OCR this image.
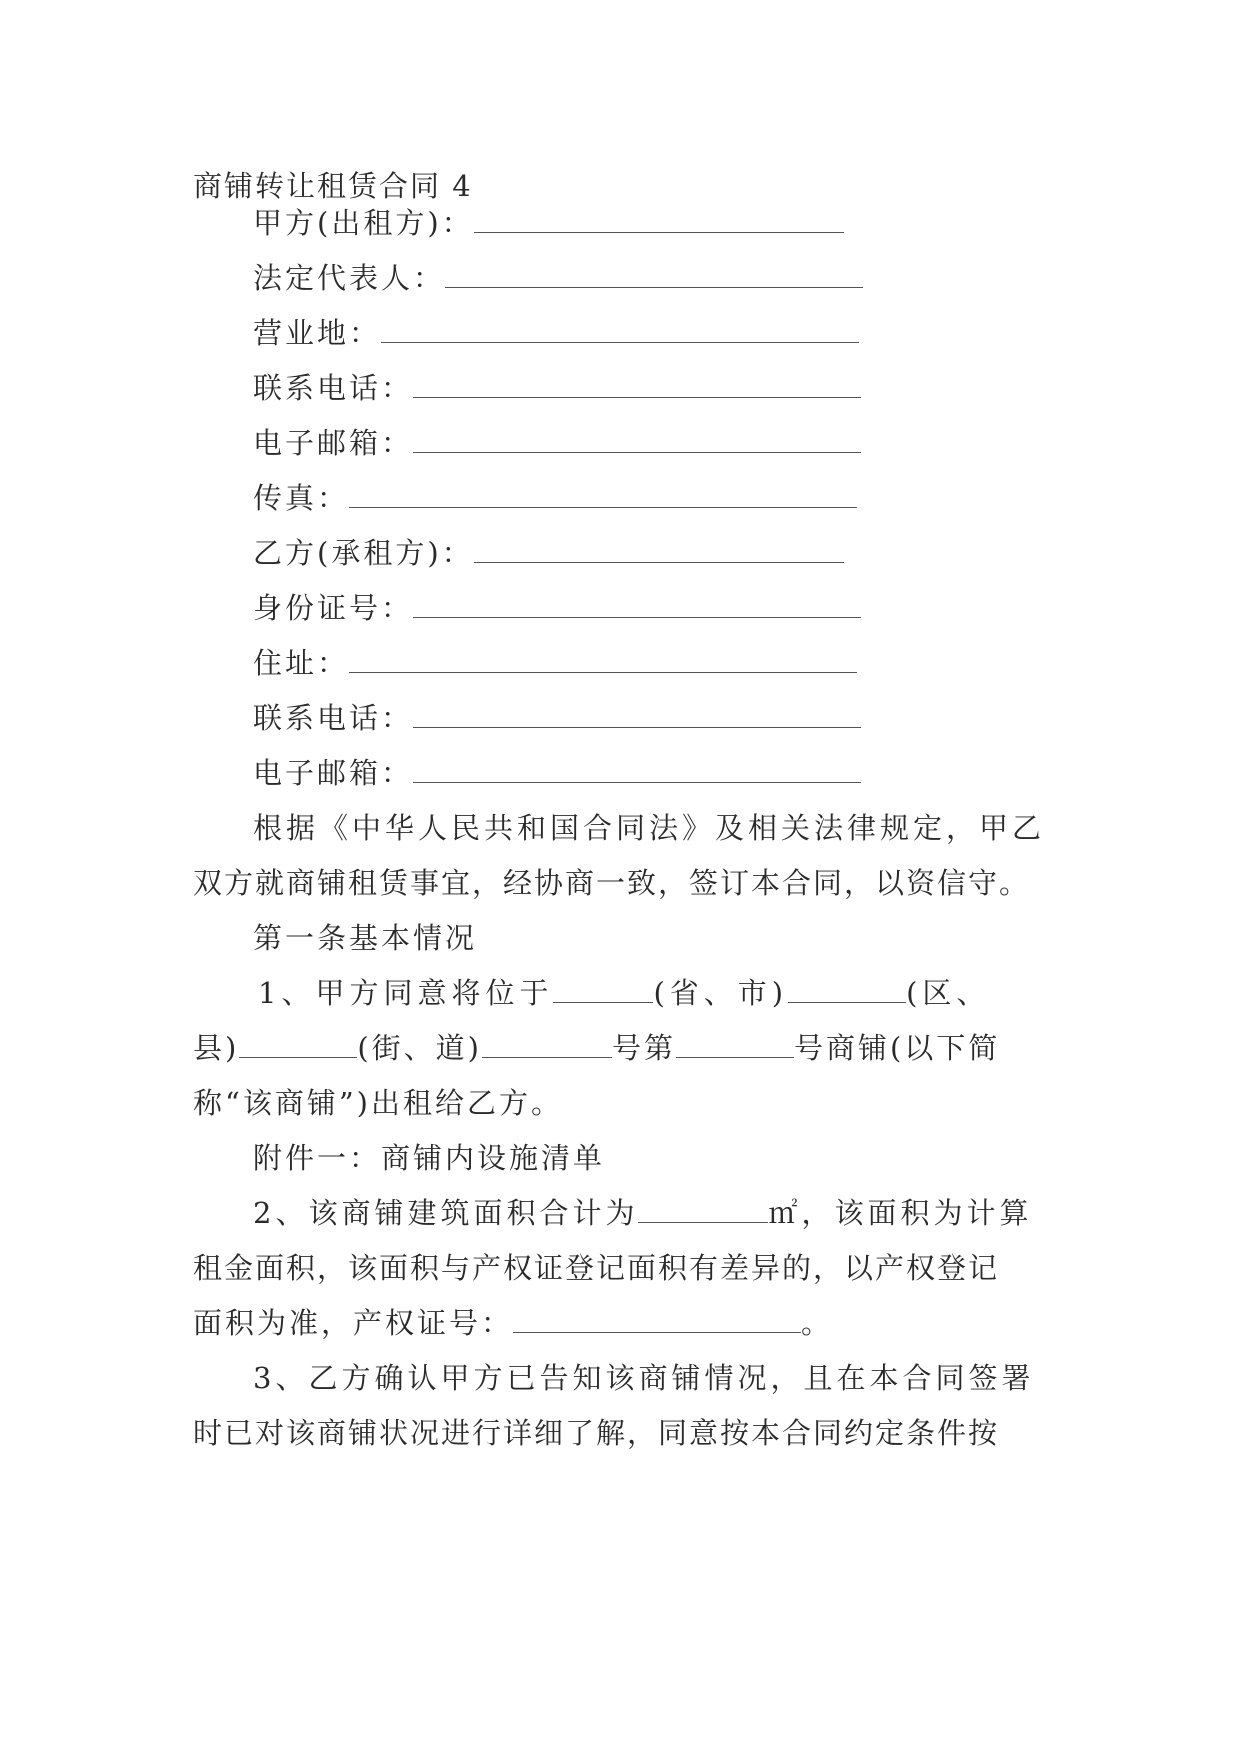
商铺转让租赁合同 4
甲方(出租方)：
法定代表人：
营业地：
联系电话：
电子邮箱：
传真：
乙方(承租方)：
身份证号：
住址：
联系电话：
电子邮箱：
根据《中华人民共和国合同法》及相关法律规定，甲乙
双方就商铺租赁事宜，经协商一致，签订本合同，以资信守。
第一条基本情况
1、甲方同意将位于	(省、市)	(区、
县)	(街、道)	号第	号商铺(以下简
称“该商铺”)出租给乙方。
附件一：商铺内设施清单
2、该商铺建筑面积合计为	㎡，该面积为计算
租金面积，该面积与产权证登记面积有差异的，以产权登记
面积为准，产权证号：	。
3、乙方确认甲方已告知该商铺情况，且在本合同签署
时已对该商铺状况进行详细了解，同意按本合同约定条件按
